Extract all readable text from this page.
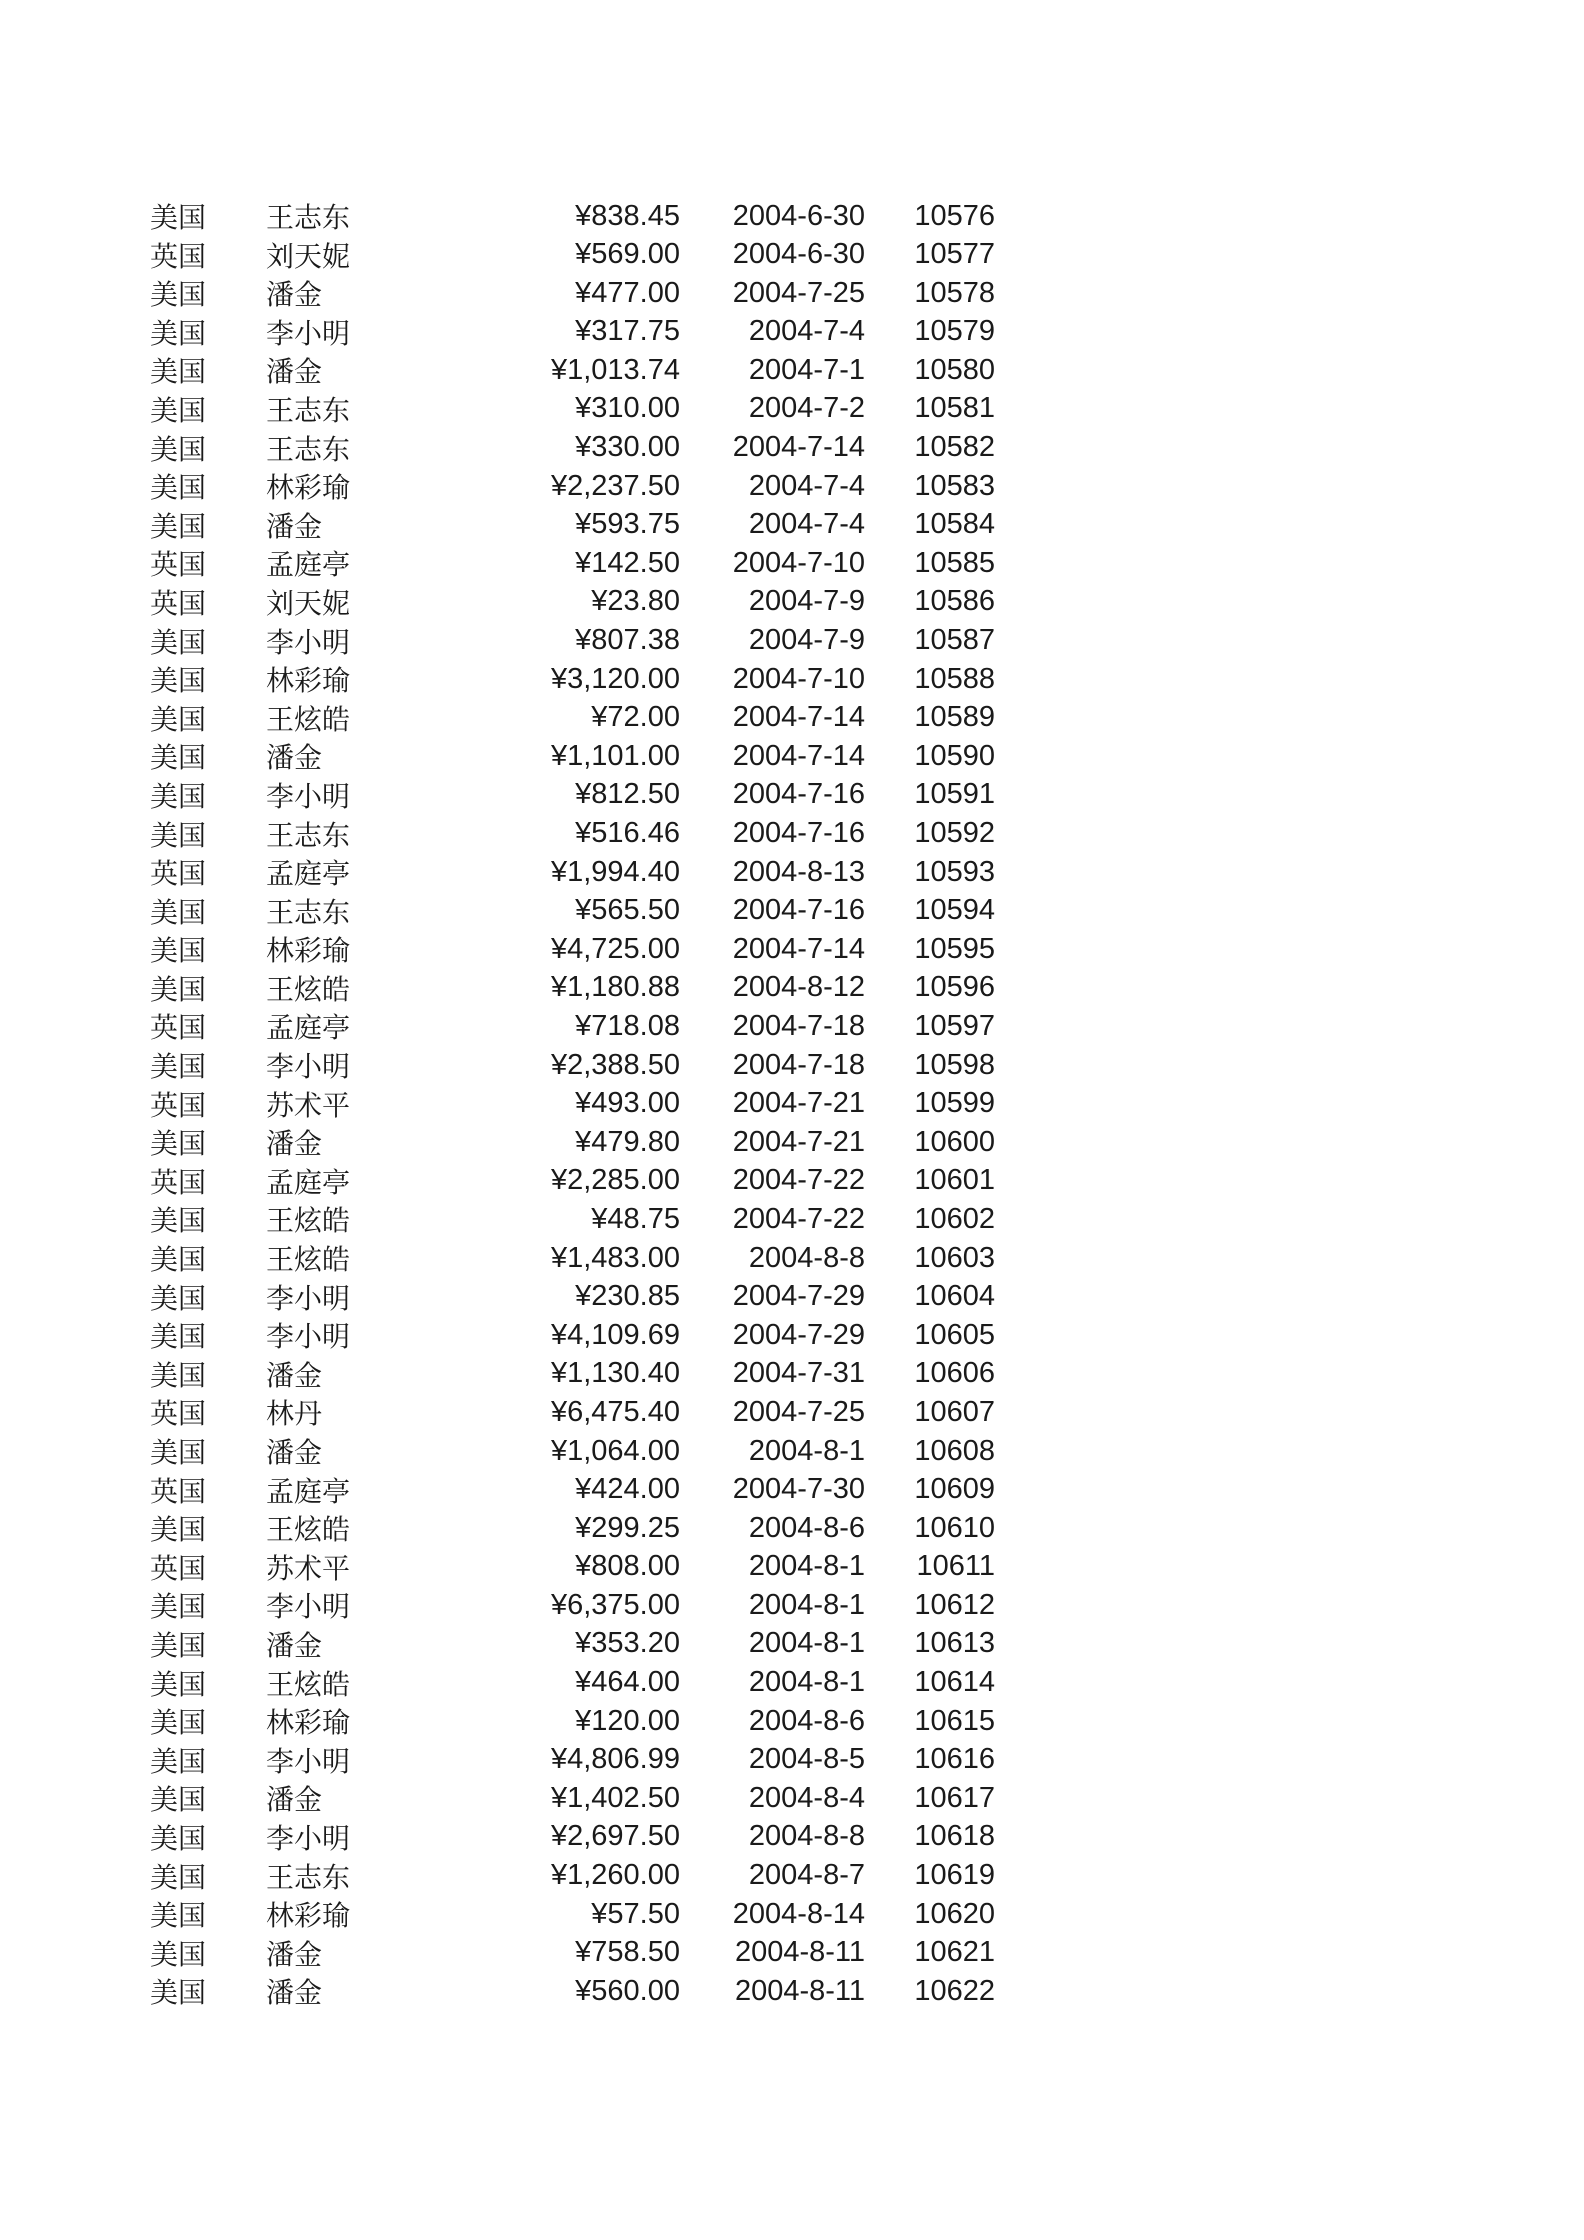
美国	王志东	¥838.45	2004-6-30	10576
英国	刘天妮	¥569.00	2004-6-30	10577
美国	潘金	¥477.00	2004-7-25	10578
美国	李小明	¥317.75	2004-7-4	10579
美国	潘金	¥1,013.74	2004-7-1	10580
美国	王志东	¥310.00	2004-7-2	10581
美国	王志东	¥330.00	2004-7-14	10582
美国	林彩瑜	¥2,237.50	2004-7-4	10583
美国	潘金	¥593.75	2004-7-4	10584
英国	孟庭亭	¥142.50	2004-7-10	10585
英国	刘天妮	¥23.80	2004-7-9	10586
美国	李小明	¥807.38	2004-7-9	10587
美国	林彩瑜	¥3,120.00	2004-7-10	10588
美国	王炫皓	¥72.00	2004-7-14	10589
美国	潘金	¥1,101.00	2004-7-14	10590
美国	李小明	¥812.50	2004-7-16	10591
美国	王志东	¥516.46	2004-7-16	10592
英国	孟庭亭	¥1,994.40	2004-8-13	10593
美国	王志东	¥565.50	2004-7-16	10594
美国	林彩瑜	¥4,725.00	2004-7-14	10595
美国	王炫皓	¥1,180.88	2004-8-12	10596
英国	孟庭亭	¥718.08	2004-7-18	10597
美国	李小明	¥2,388.50	2004-7-18	10598
英国	苏术平	¥493.00	2004-7-21	10599
美国	潘金	¥479.80	2004-7-21	10600
英国	孟庭亭	¥2,285.00	2004-7-22	10601
美国	王炫皓	¥48.75	2004-7-22	10602
美国	王炫皓	¥1,483.00	2004-8-8	10603
美国	李小明	¥230.85	2004-7-29	10604
美国	李小明	¥4,109.69	2004-7-29	10605
美国	潘金	¥1,130.40	2004-7-31	10606
英国	林丹	¥6,475.40	2004-7-25	10607
美国	潘金	¥1,064.00	2004-8-1	10608
英国	孟庭亭	¥424.00	2004-7-30	10609
美国	王炫皓	¥299.25	2004-8-6	10610
英国	苏术平	¥808.00	2004-8-1	10611
美国	李小明	¥6,375.00	2004-8-1	10612
美国	潘金	¥353.20	2004-8-1	10613
美国	王炫皓	¥464.00	2004-8-1	10614
美国	林彩瑜	¥120.00	2004-8-6	10615
美国	李小明	¥4,806.99	2004-8-5	10616
美国	潘金	¥1,402.50	2004-8-4	10617
美国	李小明	¥2,697.50	2004-8-8	10618
美国	王志东	¥1,260.00	2004-8-7	10619
美国	林彩瑜	¥57.50	2004-8-14	10620
美国	潘金	¥758.50	2004-8-11	10621
美国	潘金	¥560.00	2004-8-11	10622
